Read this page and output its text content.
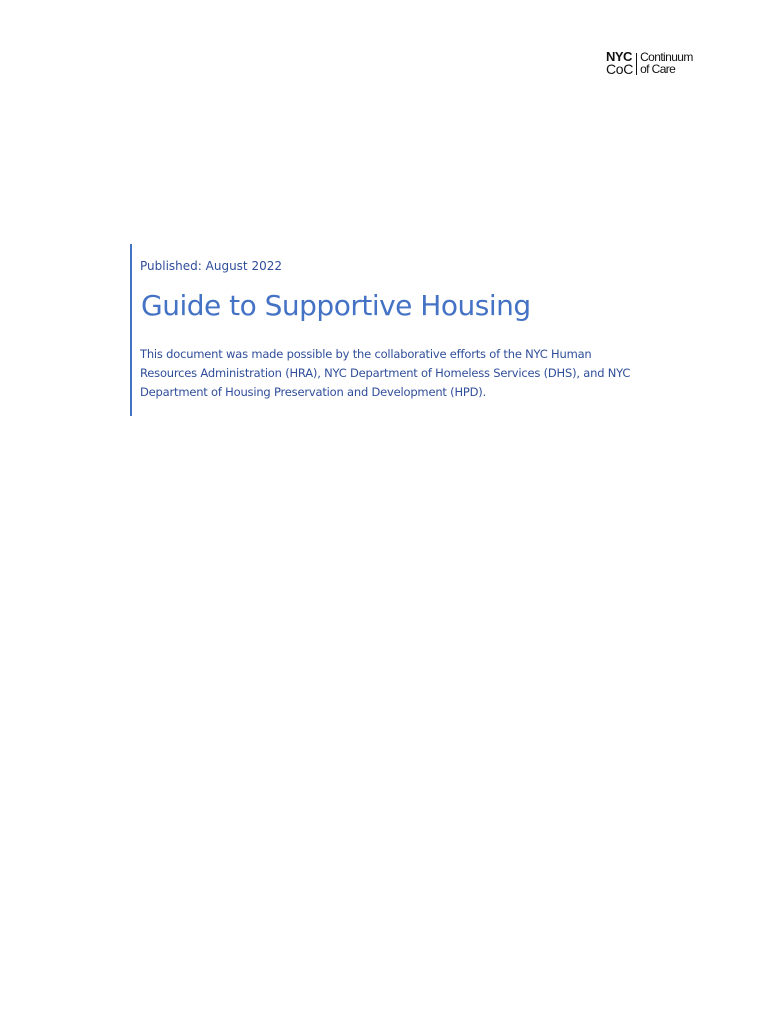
NYC
CoC
Continuum
of Care
Published: August 2022
Guide to Supportive Housing

This document was made possible by the collaborative efforts of the NYC Human Resources Administration (HRA), NYC Department of Homeless Services (DHS), and NYC Department of Housing Preservation and Development (HPD).
